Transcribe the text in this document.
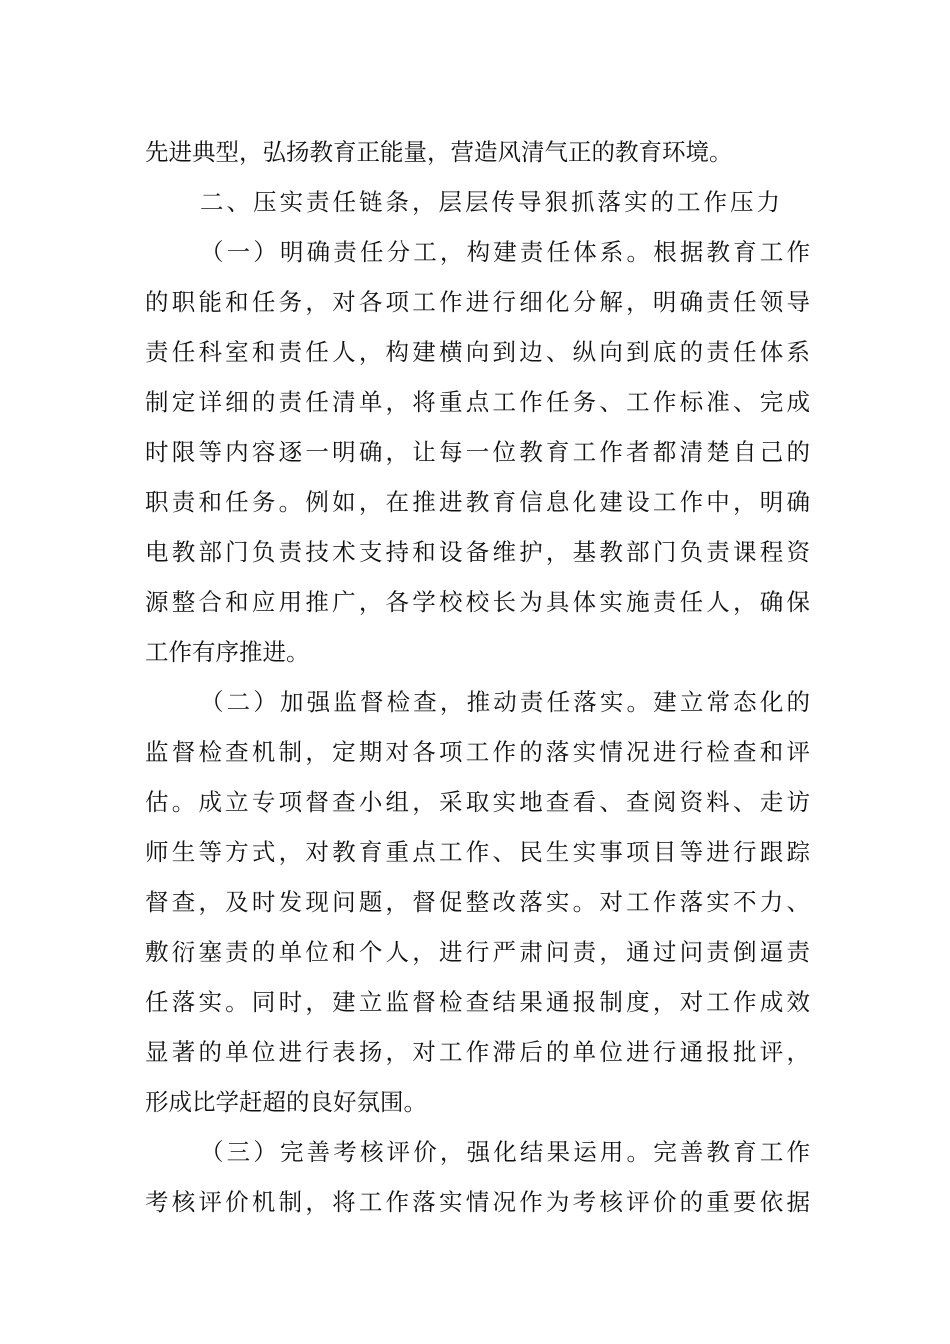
先进典型，弘扬教育正能量，营造风清气正的教育环境。
二、压实责任链条，层层传导狠抓落实的工作压力
（一）明确责任分工，构建责任体系。根据教育工作
的职能和任务，对各项工作进行细化分解，明确责任领导
责任科室和责任人，构建横向到边、纵向到底的责任体系
制定详细的责任清单，将重点工作任务、工作标准、完成
时限等内容逐一明确，让每一位教育工作者都清楚自己的
职责和任务。例如，在推进教育信息化建设工作中，明确
电教部门负责技术支持和设备维护，基教部门负责课程资
源整合和应用推广，各学校校长为具体实施责任人，确保
工作有序推进。
（二）加强监督检查，推动责任落实。建立常态化的
监督检查机制，定期对各项工作的落实情况进行检查和评
估。成立专项督查小组，采取实地查看、查阅资料、走访
师生等方式，对教育重点工作、民生实事项目等进行跟踪
督查，及时发现问题，督促整改落实。对工作落实不力、
敷衍塞责的单位和个人，进行严肃问责，通过问责倒逼责
任落实。同时，建立监督检查结果通报制度，对工作成效
显著的单位进行表扬，对工作滞后的单位进行通报批评，
形成比学赶超的良好氛围。
（三）完善考核评价，强化结果运用。完善教育工作
考核评价机制，将工作落实情况作为考核评价的重要依据
